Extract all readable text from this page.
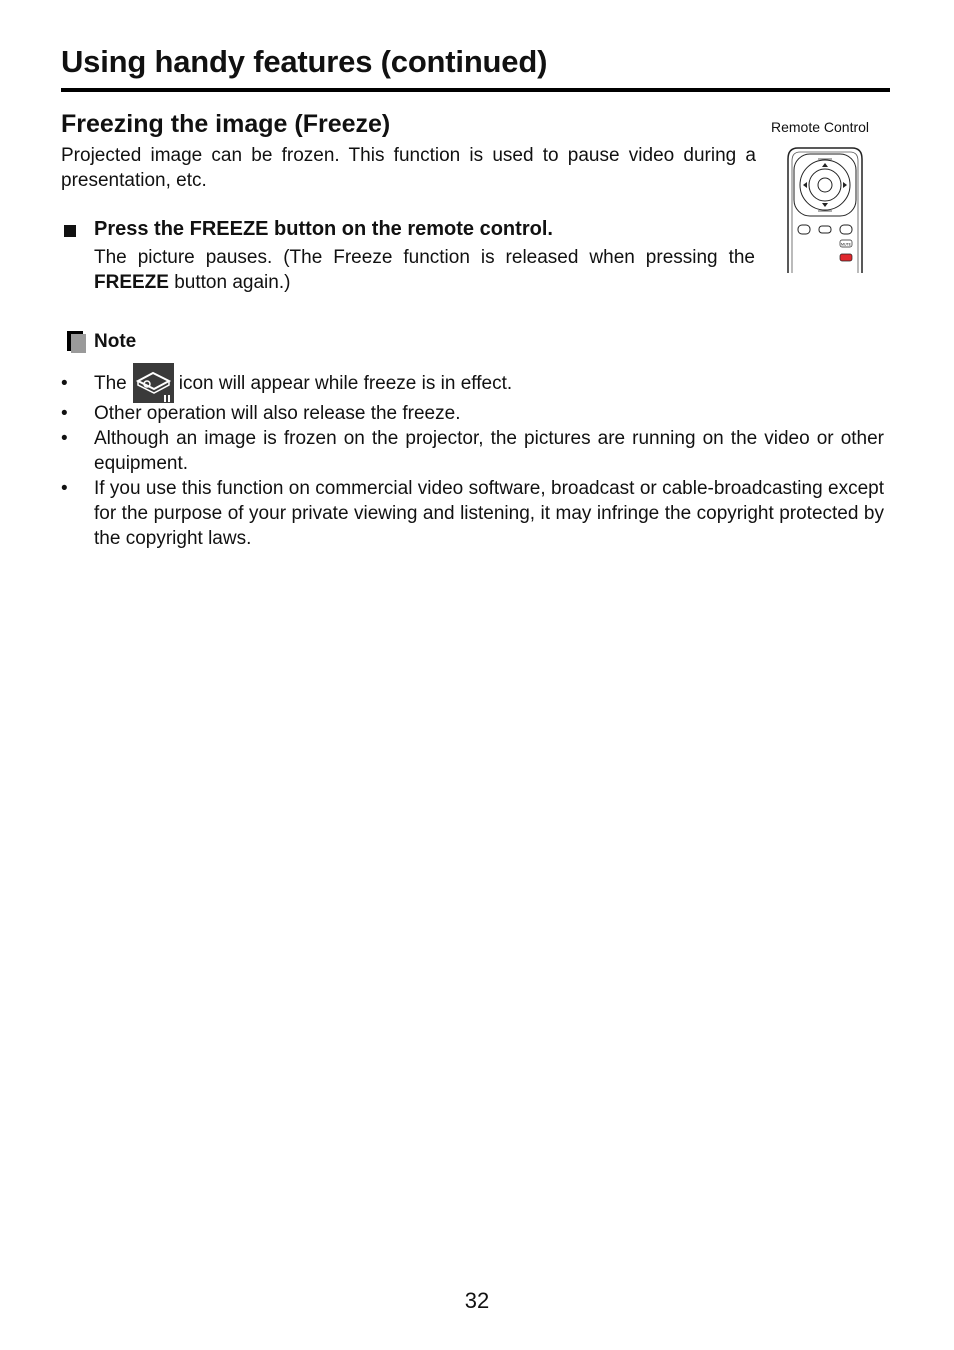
Using handy features (continued)
Freezing the image (Freeze)
Projected image can be frozen. This function is used to pause video during a presentation, etc.
Remote Control
MUTE
Press the FREEZE button on the remote control.
The picture pauses. (The Freeze function is released when pressing the FREEZE button again.)
Note
• The	icon will appear while freeze is in effect.
• Other operation will also release the freeze.
• Although an image is frozen on the projector, the pictures are running on the video or other equipment.
• If you use this function on commercial video software, broadcast or cable-broadcasting except for the purpose of your private viewing and listening, it may infringe the copyright protected by the copyright laws.
32
